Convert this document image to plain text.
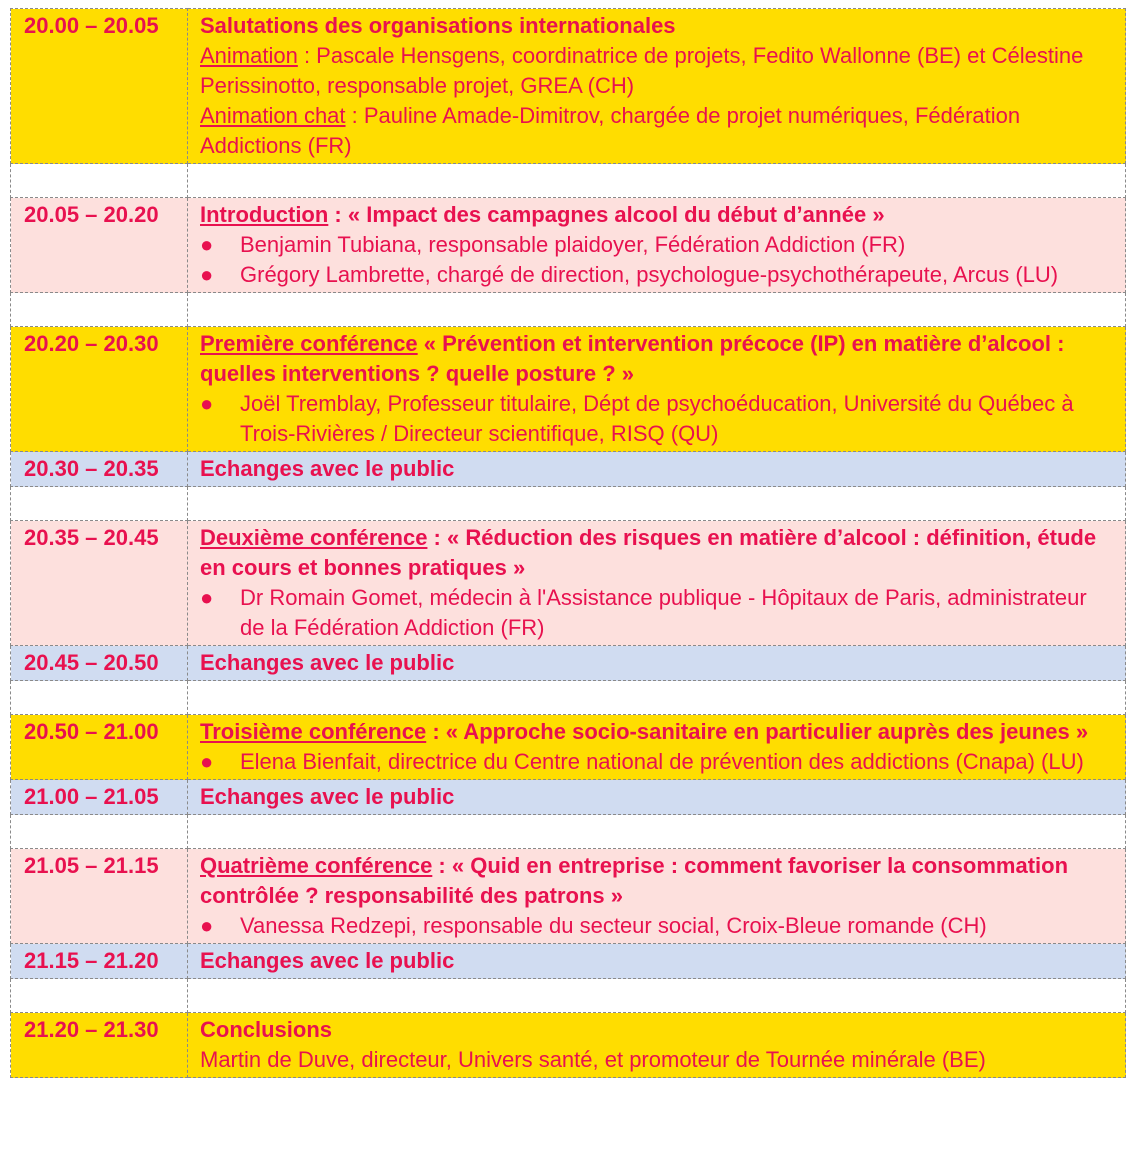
20.00 – 20.05	Salutations des organisations internationales
Animation : Pascale Hensgens, coordinatrice de projets, Fedito Wallonne (BE) et Célestine Perissinotto, responsable projet, GREA (CH)
Animation chat : Pauline Amade-Dimitrov, chargée de projet numériques, Fédération Addictions (FR)

20.05 – 20.20	Introduction : « Impact des campagnes alcool du début d’année »
● Benjamin Tubiana, responsable plaidoyer, Fédération Addiction (FR)
● Grégory Lambrette, chargé de direction, psychologue-psychothérapeute, Arcus (LU)

20.20 – 20.30	Première conférence « Prévention et intervention précoce (IP) en matière d’alcool : quelles interventions ? quelle posture ? »
● Joël Tremblay, Professeur titulaire, Dépt de psychoéducation, Université du Québec à Trois-Rivières / Directeur scientifique, RISQ (QU)

20.30 – 20.35	Echanges avec le public

20.35 – 20.45	Deuxième conférence : « Réduction des risques en matière d’alcool : définition, étude en cours et bonnes pratiques »
● Dr Romain Gomet, médecin à l'Assistance publique - Hôpitaux de Paris, administrateur de la Fédération Addiction (FR)

20.45 – 20.50	Echanges avec le public

20.50 – 21.00	Troisième conférence : « Approche socio-sanitaire en particulier auprès des jeunes »
● Elena Bienfait, directrice du Centre national de prévention des addictions (Cnapa) (LU)

21.00 – 21.05	Echanges avec le public

21.05 – 21.15	Quatrième conférence : « Quid en entreprise : comment favoriser la consommation contrôlée ? responsabilité des patrons »
● Vanessa Redzepi, responsable du secteur social, Croix-Bleue romande (CH)

21.15 – 21.20	Echanges avec le public

21.20 – 21.30	Conclusions
Martin de Duve, directeur, Univers santé, et promoteur de Tournée minérale (BE)
